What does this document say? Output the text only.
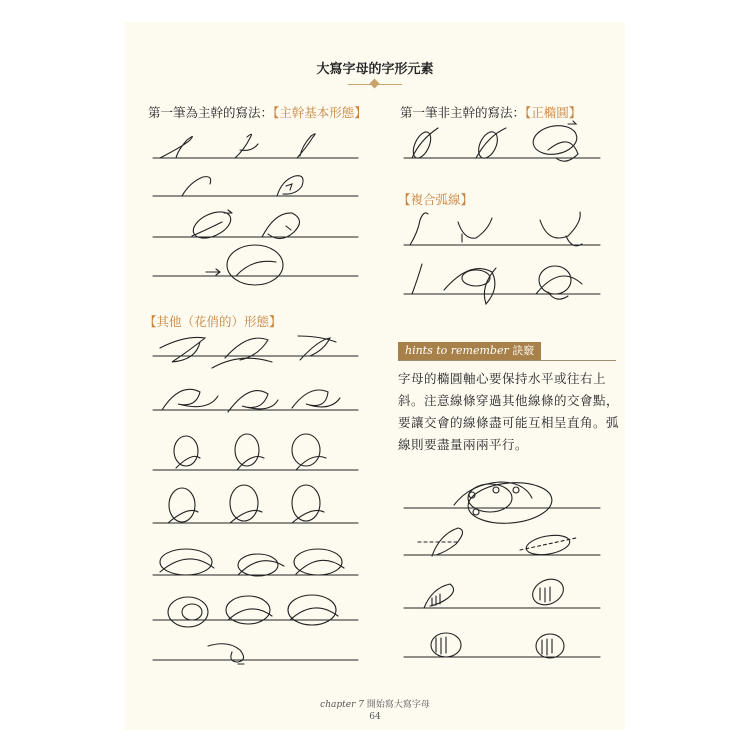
大寫字母的字形元素
第一筆為主幹的寫法：【主幹基本形態】	第一筆非主幹的寫法：【正橢圓】
【複合弧線】
【其他（花俏的）形態】
hints to remember 訣竅
字母的橢圓軸心要保持水平或往右上斜。注意線條穿過其他線條的交會點，要讓交會的線條盡可能互相呈直角。弧線則要盡量兩兩平行。
chapter 7 開始寫大寫字母
64
